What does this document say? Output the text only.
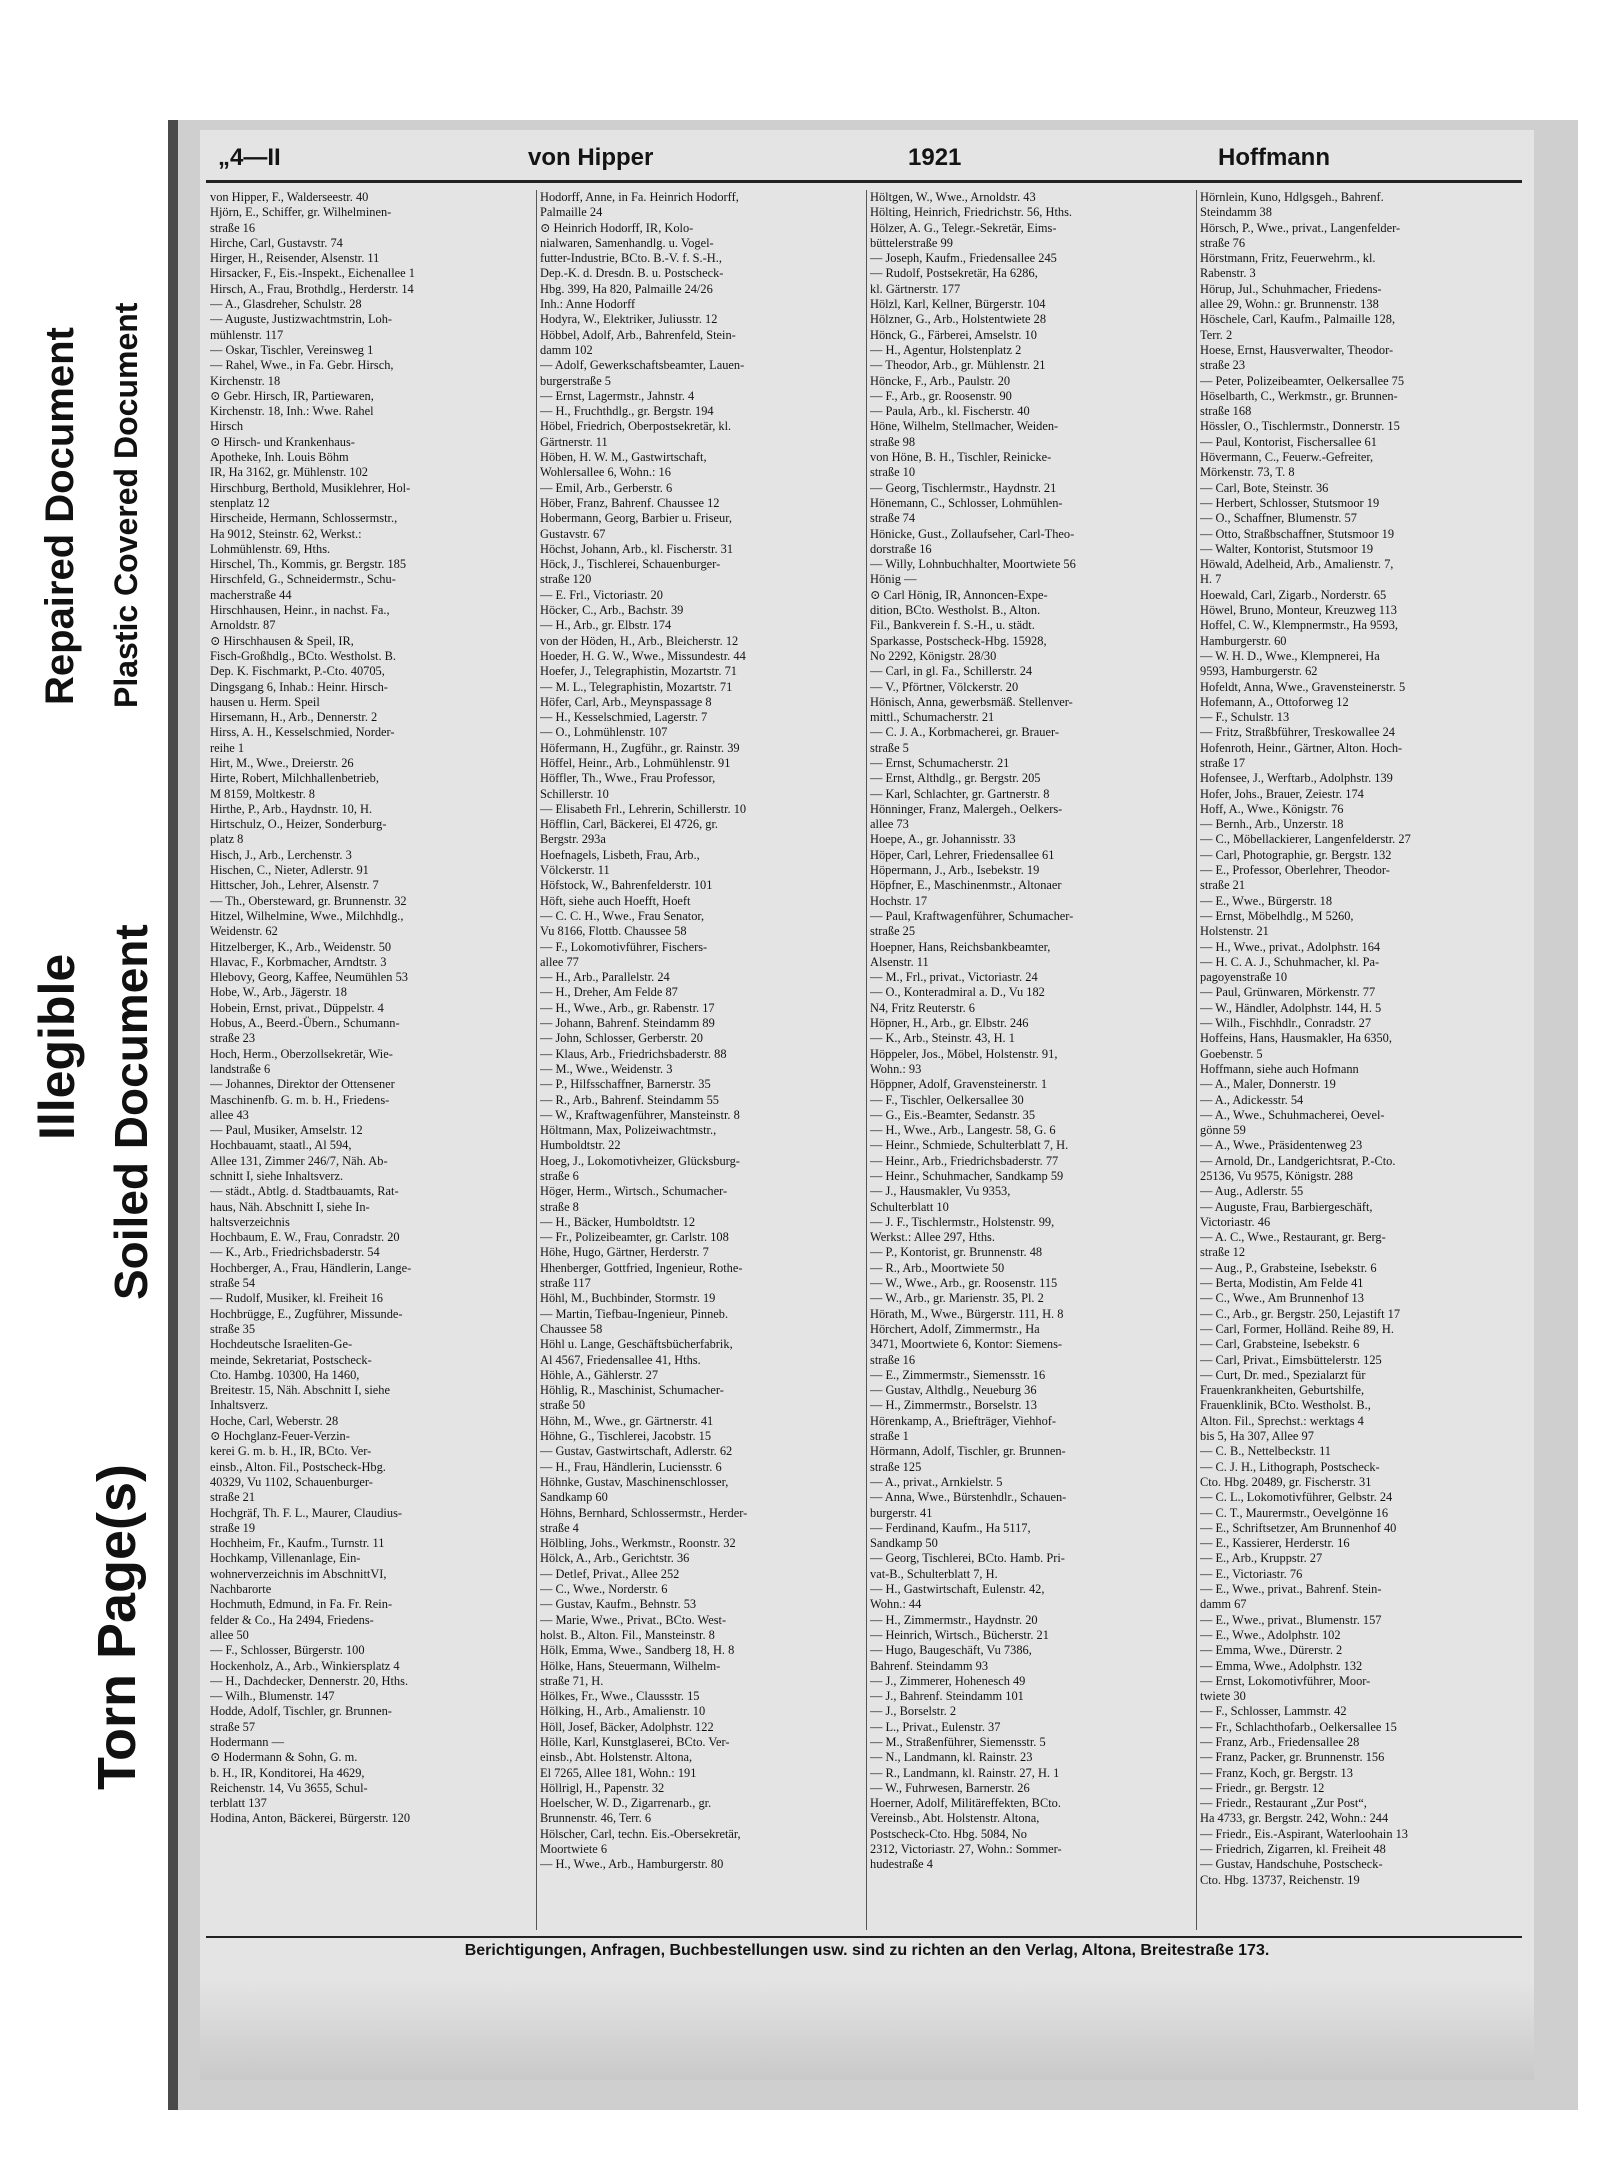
Repaired Document Plastic Covered Document
Illegible Soiled Document
Torn Page(s)
„4—II	von Hipper	1921	Hoffmann
von Hipper, F., Walderseestr. 40
Hjörn, E., Schiffer, gr. Wilhelminen-
straße 16
Hirche, Carl, Gustavstr. 74
Hirger, H., Reisender, Alsenstr. 11
Hirsacker, F., Eis.-Inspekt., Eichenallee 1
Hirsch, A., Frau, Brothdlg., Herderstr. 14
— A., Glasdreher, Schulstr. 28
— Auguste, Justizwachtmstrin, Loh-
mühlenstr. 117
— Oskar, Tischler, Vereinsweg 1
— Rahel, Wwe., in Fa. Gebr. Hirsch,
Kirchenstr. 18
⊙ Gebr. Hirsch, IR, Partiewaren,
Kirchenstr. 18, Inh.: Wwe. Rahel
Hirsch
⊙ Hirsch- und Krankenhaus-
Apotheke, Inh. Louis Böhm
IR, Ha 3162, gr. Mühlenstr. 102
Hirschburg, Berthold, Musiklehrer, Hol-
stenplatz 12
Hirscheide, Hermann, Schlossermstr.,
Ha 9012, Steinstr. 62, Werkst.:
Lohmühlenstr. 69, Hths.
Hirschel, Th., Kommis, gr. Bergstr. 185
Hirschfeld, G., Schneidermstr., Schu-
macherstraße 44
Hirschhausen, Heinr., in nachst. Fa.,
Arnoldstr. 87
⊙ Hirschhausen & Speil, IR,
Fisch-Großhdlg., BCto. Westholst. B.
Dep. K. Fischmarkt, P.-Cto. 40705,
Dingsgang 6, Inhab.: Heinr. Hirsch-
hausen u. Herm. Speil
Hirsemann, H., Arb., Dennerstr. 2
Hirss, A. H., Kesselschmied, Norder-
reihe 1
Hirt, M., Wwe., Dreierstr. 26
Hirte, Robert, Milchhallenbetrieb,
M 8159, Moltkestr. 8
Hirthe, P., Arb., Haydnstr. 10, H.
Hirtschulz, O., Heizer, Sonderburg-
platz 8
Hisch, J., Arb., Lerchenstr. 3
Hischen, C., Nieter, Adlerstr. 91
Hittscher, Joh., Lehrer, Alsenstr. 7
— Th., Obersteward, gr. Brunnenstr. 32
Hitzel, Wilhelmine, Wwe., Milchhdlg.,
Weidenstr. 62
Hitzelberger, K., Arb., Weidenstr. 50
Hlavac, F., Korbmacher, Arndtstr. 3
Hlebovy, Georg, Kaffee, Neumühlen 53
Hobe, W., Arb., Jägerstr. 18
Hobein, Ernst, privat., Düppelstr. 4
Hobus, A., Beerd.-Übern., Schumann-
straße 23
Hoch, Herm., Oberzollsekretär, Wie-
landstraße 6
— Johannes, Direktor der Ottensener
Maschinenfb. G. m. b. H., Friedens-
allee 43
— Paul, Musiker, Amselstr. 12
Hochbauamt, staatl., Al 594,
Allee 131, Zimmer 246/7, Näh. Ab-
schnitt I, siehe Inhaltsverz.
— städt., Abtlg. d. Stadtbauamts, Rat-
haus, Näh. Abschnitt I, siehe In-
haltsverzeichnis
Hochbaum, E. W., Frau, Conradstr. 20
— K., Arb., Friedrichsbaderstr. 54
Hochberger, A., Frau, Händlerin, Lange-
straße 54
— Rudolf, Musiker, kl. Freiheit 16
Hochbrügge, E., Zugführer, Missunde-
straße 35
Hochdeutsche Israeliten-Ge-
meinde, Sekretariat, Postscheck-
Cto. Hambg. 10300, Ha 1460,
Breitestr. 15, Näh. Abschnitt I, siehe
Inhaltsverz.
Hoche, Carl, Weberstr. 28
⊙ Hochglanz-Feuer-Verzin-
kerei G. m. b. H., IR, BCto. Ver-
einsb., Alton. Fil., Postscheck-Hbg.
40329, Vu 1102, Schauenburger-
straße 21
Hochgräf, Th. F. L., Maurer, Claudius-
straße 19
Hochheim, Fr., Kaufm., Turnstr. 11
Hochkamp, Villenanlage, Ein-
wohnerverzeichnis im AbschnittVI,
Nachbarorte
Hochmuth, Edmund, in Fa. Fr. Rein-
felder & Co., Ha 2494, Friedens-
allee 50
— F., Schlosser, Bürgerstr. 100
Hockenholz, A., Arb., Winkiersplatz 4
— H., Dachdecker, Dennerstr. 20, Hths.
— Wilh., Blumenstr. 147
Hodde, Adolf, Tischler, gr. Brunnen-
straße 57
Hodermann —
⊙ Hodermann & Sohn, G. m.
b. H., IR, Konditorei, Ha 4629,
Reichenstr. 14, Vu 3655, Schul-
terblatt 137
Hodina, Anton, Bäckerei, Bürgerstr. 120
Hodorff, Anne, in Fa. Heinrich Hodorff,
Palmaille 24
⊙ Heinrich Hodorff, IR, Kolo-
nialwaren, Samenhandlg. u. Vogel-
futter-Industrie, BCto. B.-V. f. S.-H.,
Dep.-K. d. Dresdn. B. u. Postscheck-
Hbg. 399, Ha 820, Palmaille 24/26
Inh.: Anne Hodorff
Hodyra, W., Elektriker, Juliusstr. 12
Höbbel, Adolf, Arb., Bahrenfeld, Stein-
damm 102
— Adolf, Gewerkschaftsbeamter, Lauen-
burgerstraße 5
— Ernst, Lagermstr., Jahnstr. 4
— H., Fruchthdlg., gr. Bergstr. 194
Höbel, Friedrich, Oberpostsekretär, kl.
Gärtnerstr. 11
Höben, H. W. M., Gastwirtschaft,
Wohlersallee 6, Wohn.: 16
— Emil, Arb., Gerberstr. 6
Höber, Franz, Bahrenf. Chaussee 12
Hobermann, Georg, Barbier u. Friseur,
Gustavstr. 67
Höchst, Johann, Arb., kl. Fischerstr. 31
Höck, J., Tischlerei, Schauenburger-
straße 120
— E. Frl., Victoriastr. 20
Höcker, C., Arb., Bachstr. 39
— H., Arb., gr. Elbstr. 174
von der Höden, H., Arb., Bleicherstr. 12
Hoeder, H. G. W., Wwe., Missundestr. 44
Hoefer, J., Telegraphistin, Mozartstr. 71
— M. L., Telegraphistin, Mozartstr. 71
Höfer, Carl, Arb., Meynspassage 8
— H., Kesselschmied, Lagerstr. 7
— O., Lohmühlenstr. 107
Höfermann, H., Zugführ., gr. Rainstr. 39
Höffel, Heinr., Arb., Lohmühlenstr. 91
Höffler, Th., Wwe., Frau Professor,
Schillerstr. 10
— Elisabeth Frl., Lehrerin, Schillerstr. 10
Höfflin, Carl, Bäckerei, El 4726, gr.
Bergstr. 293a
Hoefnagels, Lisbeth, Frau, Arb.,
Völckerstr. 11
Höfstock, W., Bahrenfelderstr. 101
Höft, siehe auch Hoefft, Hoeft
— C. C. H., Wwe., Frau Senator,
Vu 8166, Flottb. Chaussee 58
— F., Lokomotivführer, Fischers-
allee 77
— H., Arb., Parallelstr. 24
— H., Dreher, Am Felde 87
— H., Wwe., Arb., gr. Rabenstr. 17
— Johann, Bahrenf. Steindamm 89
— John, Schlosser, Gerberstr. 20
— Klaus, Arb., Friedrichsbaderstr. 88
— M., Wwe., Weidenstr. 3
— P., Hilfsschaffner, Barnerstr. 35
— R., Arb., Bahrenf. Steindamm 55
— W., Kraftwagenführer, Mansteinstr. 8
Höltmann, Max, Polizeiwachtmstr.,
Humboldtstr. 22
Hoeg, J., Lokomotivheizer, Glücksburg-
straße 6
Höger, Herm., Wirtsch., Schumacher-
straße 8
— H., Bäcker, Humboldtstr. 12
— Fr., Polizeibeamter, gr. Carlstr. 108
Höhe, Hugo, Gärtner, Herderstr. 7
Hhenberger, Gottfried, Ingenieur, Rothe-
straße 117
Höhl, M., Buchbinder, Stormstr. 19
— Martin, Tiefbau-Ingenieur, Pinneb.
Chaussee 58
Höhl u. Lange, Geschäftsbücherfabrik,
Al 4567, Friedensallee 41, Hths.
Höhle, A., Gählerstr. 27
Höhlig, R., Maschinist, Schumacher-
straße 50
Höhn, M., Wwe., gr. Gärtnerstr. 41
Höhne, G., Tischlerei, Jacobstr. 15
— Gustav, Gastwirtschaft, Adlerstr. 62
— H., Frau, Händlerin, Luciensstr. 6
Höhnke, Gustav, Maschinenschlosser,
Sandkamp 60
Höhns, Bernhard, Schlossermstr., Herder-
straße 4
Hölbling, Johs., Werkmstr., Roonstr. 32
Hölck, A., Arb., Gerichtstr. 36
— Detlef, Privat., Allee 252
— C., Wwe., Norderstr. 6
— Gustav, Kaufm., Behnstr. 53
— Marie, Wwe., Privat., BCto. West-
holst. B., Alton. Fil., Mansteinstr. 8
Hölk, Emma, Wwe., Sandberg 18, H. 8
Hölke, Hans, Steuermann, Wilhelm-
straße 71, H.
Hölkes, Fr., Wwe., Claussstr. 15
Hölking, H., Arb., Amalienstr. 10
Höll, Josef, Bäcker, Adolphstr. 122
Hölle, Karl, Kunstglaserei, BCto. Ver-
einsb., Abt. Holstenstr. Altona,
El 7265, Allee 181, Wohn.: 191
Höllrigl, H., Papenstr. 32
Hoelscher, W. D., Zigarrenarb., gr.
Brunnenstr. 46, Terr. 6
Hölscher, Carl, techn. Eis.-Obersekretär,
Moortwiete 6
— H., Wwe., Arb., Hamburgerstr. 80
Höltgen, W., Wwe., Arnoldstr. 43
Hölting, Heinrich, Friedrichstr. 56, Hths.
Hölzer, A. G., Telegr.-Sekretär, Eims-
büttelerstraße 99
— Joseph, Kaufm., Friedensallee 245
— Rudolf, Postsekretär, Ha 6286,
kl. Gärtnerstr. 177
Hölzl, Karl, Kellner, Bürgerstr. 104
Hölzner, G., Arb., Holstentwiete 28
Hönck, G., Färberei, Amselstr. 10
— H., Agentur, Holstenplatz 2
— Theodor, Arb., gr. Mühlenstr. 21
Höncke, F., Arb., Paulstr. 20
— F., Arb., gr. Roosenstr. 90
— Paula, Arb., kl. Fischerstr. 40
Höne, Wilhelm, Stellmacher, Weiden-
straße 98
von Höne, B. H., Tischler, Reinicke-
straße 10
— Georg, Tischlermstr., Haydnstr. 21
Hönemann, C., Schlosser, Lohmühlen-
straße 74
Hönicke, Gust., Zollaufseher, Carl-Theo-
dorstraße 16
— Willy, Lohnbuchhalter, Moortwiete 56
Hönig —
⊙ Carl Hönig, IR, Annoncen-Expe-
dition, BCto. Westholst. B., Alton.
Fil., Bankverein f. S.-H., u. städt.
Sparkasse, Postscheck-Hbg. 15928,
No 2292, Königstr. 28/30
— Carl, in gl. Fa., Schillerstr. 24
— V., Pförtner, Völckerstr. 20
Hönisch, Anna, gewerbsmäß. Stellenver-
mittl., Schumacherstr. 21
— C. J. A., Korbmacherei, gr. Brauer-
straße 5
— Ernst, Schumacherstr. 21
— Ernst, Althdlg., gr. Bergstr. 205
— Karl, Schlachter, gr. Gartnerstr. 8
Hönninger, Franz, Malergeh., Oelkers-
allee 73
Hoepe, A., gr. Johannisstr. 33
Höper, Carl, Lehrer, Friedensallee 61
Höpermann, J., Arb., Isebekstr. 19
Höpfner, E., Maschinenmstr., Altonaer
Hochstr. 17
— Paul, Kraftwagenführer, Schumacher-
straße 25
Hoepner, Hans, Reichsbankbeamter,
Alsenstr. 11
— M., Frl., privat., Victoriastr. 24
— O., Konteradmiral a. D., Vu 182
N4, Fritz Reuterstr. 6
Höpner, H., Arb., gr. Elbstr. 246
— K., Arb., Steinstr. 43, H. 1
Höppeler, Jos., Möbel, Holstenstr. 91,
Wohn.: 93
Höppner, Adolf, Gravensteinerstr. 1
— F., Tischler, Oelkersallee 30
— G., Eis.-Beamter, Sedanstr. 35
— H., Wwe., Arb., Langestr. 58, G. 6
— Heinr., Schmiede, Schulterblatt 7, H.
— Heinr., Arb., Friedrichsbaderstr. 77
— Heinr., Schuhmacher, Sandkamp 59
— J., Hausmakler, Vu 9353,
Schulterblatt 10
— J. F., Tischlermstr., Holstenstr. 99,
Werkst.: Allee 297, Hths.
— P., Kontorist, gr. Brunnenstr. 48
— R., Arb., Moortwiete 50
— W., Wwe., Arb., gr. Roosenstr. 115
— W., Arb., gr. Marienstr. 35, Pl. 2
Hörath, M., Wwe., Bürgerstr. 111, H. 8
Hörchert, Adolf, Zimmermstr., Ha
3471, Moortwiete 6, Kontor: Siemens-
straße 16
— E., Zimmermstr., Siemensstr. 16
— Gustav, Althdlg., Neueburg 36
— H., Zimmermstr., Borselstr. 13
Hörenkamp, A., Briefträger, Viehhof-
straße 1
Hörmann, Adolf, Tischler, gr. Brunnen-
straße 125
— A., privat., Arnkielstr. 5
— Anna, Wwe., Bürstenhdlr., Schauen-
burgerstr. 41
— Ferdinand, Kaufm., Ha 5117,
Sandkamp 50
— Georg, Tischlerei, BCto. Hamb. Pri-
vat-B., Schulterblatt 7, H.
— H., Gastwirtschaft, Eulenstr. 42,
Wohn.: 44
— H., Zimmermstr., Haydnstr. 20
— Heinrich, Wirtsch., Bücherstr. 21
— Hugo, Baugeschäft, Vu 7386,
Bahrenf. Steindamm 93
— J., Zimmerer, Hohenesch 49
— J., Bahrenf. Steindamm 101
— J., Borselstr. 2
— L., Privat., Eulenstr. 37
— M., Straßenführer, Siemensstr. 5
— N., Landmann, kl. Rainstr. 23
— R., Landmann, kl. Rainstr. 27, H. 1
— W., Fuhrwesen, Barnerstr. 26
Hoerner, Adolf, Militäreffekten, BCto.
Vereinsb., Abt. Holstenstr. Altona,
Postscheck-Cto. Hbg. 5084, No
2312, Victoriastr. 27, Wohn.: Sommer-
hudestraße 4
Hörnlein, Kuno, Hdlgsgeh., Bahrenf.
Steindamm 38
Hörsch, P., Wwe., privat., Langenfelder-
straße 76
Hörstmann, Fritz, Feuerwehrm., kl.
Rabenstr. 3
Hörup, Jul., Schuhmacher, Friedens-
allee 29, Wohn.: gr. Brunnenstr. 138
Höschele, Carl, Kaufm., Palmaille 128,
Terr. 2
Hoese, Ernst, Hausverwalter, Theodor-
straße 23
— Peter, Polizeibeamter, Oelkersallee 75
Höselbarth, C., Werkmstr., gr. Brunnen-
straße 168
Hössler, O., Tischlermstr., Donnerstr. 15
— Paul, Kontorist, Fischersallee 61
Hövermann, C., Feuerw.-Gefreiter,
Mörkenstr. 73, T. 8
— Carl, Bote, Steinstr. 36
— Herbert, Schlosser, Stutsmoor 19
— O., Schaffner, Blumenstr. 57
— Otto, Straßbschaffner, Stutsmoor 19
— Walter, Kontorist, Stutsmoor 19
Höwald, Adelheid, Arb., Amalienstr. 7,
H. 7
Hoewald, Carl, Zigarb., Norderstr. 65
Höwel, Bruno, Monteur, Kreuzweg 113
Hoffel, C. W., Klempnermstr., Ha 9593,
Hamburgerstr. 60
— W. H. D., Wwe., Klempnerei, Ha
9593, Hamburgerstr. 62
Hofeldt, Anna, Wwe., Gravensteinerstr. 5
Hofemann, A., Ottoforweg 12
— F., Schulstr. 13
— Fritz, Straßbführer, Treskowallee 24
Hofenroth, Heinr., Gärtner, Alton. Hoch-
straße 17
Hofensee, J., Werftarb., Adolphstr. 139
Hofer, Johs., Brauer, Zeiestr. 174
Hoff, A., Wwe., Königstr. 76
— Bernh., Arb., Unzerstr. 18
— C., Möbellackierer, Langenfelderstr. 27
— Carl, Photographie, gr. Bergstr. 132
— E., Professor, Oberlehrer, Theodor-
straße 21
— E., Wwe., Bürgerstr. 18
— Ernst, Möbelhdlg., M 5260,
Holstenstr. 21
— H., Wwe., privat., Adolphstr. 164
— H. C. A. J., Schuhmacher, kl. Pa-
pagoyenstraße 10
— Paul, Grünwaren, Mörkenstr. 77
— W., Händler, Adolphstr. 144, H. 5
— Wilh., Fischhdlr., Conradstr. 27
Hoffeins, Hans, Hausmakler, Ha 6350,
Goebenstr. 5
Hoffmann, siehe auch Hofmann
— A., Maler, Donnerstr. 19
— A., Adickesstr. 54
— A., Wwe., Schuhmacherei, Oevel-
gönne 59
— A., Wwe., Präsidentenweg 23
— Arnold, Dr., Landgerichtsrat, P.-Cto.
25136, Vu 9575, Königstr. 288
— Aug., Adlerstr. 55
— Auguste, Frau, Barbiergeschäft,
Victoriastr. 46
— A. C., Wwe., Restaurant, gr. Berg-
straße 12
— Aug., P., Grabsteine, Isebekstr. 6
— Berta, Modistin, Am Felde 41
— C., Wwe., Am Brunnenhof 13
— C., Arb., gr. Bergstr. 250, Lejastift 17
— Carl, Former, Holländ. Reihe 89, H.
— Carl, Grabsteine, Isebekstr. 6
— Carl, Privat., Eimsbüttelerstr. 125
— Curt, Dr. med., Spezialarzt für
Frauenkrankheiten, Geburtshilfe,
Frauenklinik, BCto. Westholst. B.,
Alton. Fil., Sprechst.: werktags 4
bis 5, Ha 307, Allee 97
— C. B., Nettelbeckstr. 11
— C. J. H., Lithograph, Postscheck-
Cto. Hbg. 20489, gr. Fischerstr. 31
— C. L., Lokomotivführer, Gelbstr. 24
— C. T., Maurermstr., Oevelgönne 16
— E., Schriftsetzer, Am Brunnenhof 40
— E., Kassierer, Herderstr. 16
— E., Arb., Kruppstr. 27
— E., Victoriastr. 76
— E., Wwe., privat., Bahrenf. Stein-
damm 67
— E., Wwe., privat., Blumenstr. 157
— E., Wwe., Adolphstr. 102
— Emma, Wwe., Dürerstr. 2
— Emma, Wwe., Adolphstr. 132
— Ernst, Lokomotivführer, Moor-
twiete 30
— F., Schlosser, Lammstr. 42
— Fr., Schlachthofarb., Oelkersallee 15
— Franz, Arb., Friedensallee 28
— Franz, Packer, gr. Brunnenstr. 156
— Franz, Koch, gr. Bergstr. 13
— Friedr., gr. Bergstr. 12
— Friedr., Restaurant „Zur Post“,
Ha 4733, gr. Bergstr. 242, Wohn.: 244
— Friedr., Eis.-Aspirant, Waterloohain 13
— Friedrich, Zigarren, kl. Freiheit 48
— Gustav, Handschuhe, Postscheck-
Cto. Hbg. 13737, Reichenstr. 19
Berichtigungen, Anfragen, Buchbestellungen usw. sind zu richten an den Verlag, Altona, Breitestraße 173.
